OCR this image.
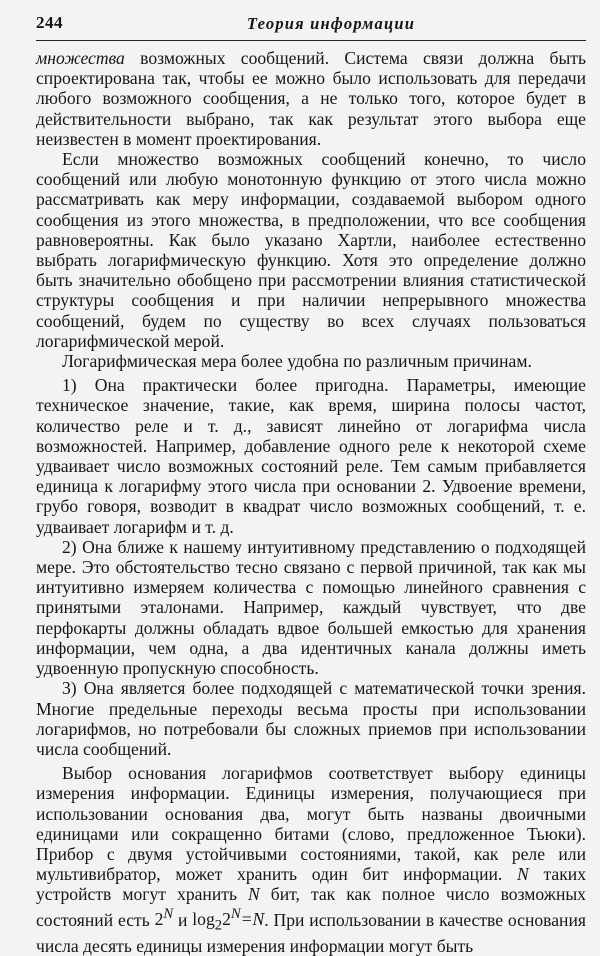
244	Теория информации

множества возможных сообщений. Система связи должна быть спроектирована так, чтобы ее можно было использовать для передачи любого возможного сообщения, а не только того, которое будет в действительности выбрано, так как результат этого выбора еще неизвестен в момент проектирования.

Если множество возможных сообщений конечно, то число сообщений или любую монотонную функцию от этого числа можно рассматривать как меру информации, создаваемой выбором одного сообщения из этого множества, в предположении, что все сообщения равновероятны. Как было указано Хартли, наиболее естественно выбрать логарифмическую функцию. Хотя это определение должно быть значительно обобщено при рассмотрении влияния статистической структуры сообщения и при наличии непрерывного множества сообщений, будем по существу во всех случаях пользоваться логарифмической мерой.

Логарифмическая мера более удобна по различным причинам.

1) Она практически более пригодна. Параметры, имеющие техническое значение, такие, как время, ширина полосы частот, количество реле и т. д., зависят линейно от логарифма числа возможностей. Например, добавление одного реле к некоторой схеме удваивает число возможных состояний реле. Тем самым прибавляется единица к логарифму этого числа при основании 2. Удвоение времени, грубо говоря, возводит в квадрат число возможных сообщений, т. е. удваивает логарифм и т. д.

2) Она ближе к нашему интуитивному представлению о подходящей мере. Это обстоятельство тесно связано с первой причиной, так как мы интуитивно измеряем количества с помощью линейного сравнения с принятыми эталонами. Например, каждый чувствует, что две перфокарты должны обладать вдвое большей емкостью для хранения информации, чем одна, а два идентичных канала должны иметь удвоенную пропускную способность.

3) Она является более подходящей с математической точки зрения. Многие предельные переходы весьма просты при использовании логарифмов, но потребовали бы сложных приемов при использовании числа сообщений.

Выбор основания логарифмов соответствует выбору единицы измерения информации. Единицы измерения, получающиеся при использовании основания два, могут быть названы двоичными единицами или сокращенно битами (слово, предложенное Тьюки). Прибор с двумя устойчивыми состояниями, такой, как реле или мультивибратор, может хранить один бит информации. N таких устройств могут хранить N бит, так как полное число возможных состояний есть $2^N$ и $\log_22^N=N$. При использовании в качестве основания числа десять единицы измерения информации могут быть
